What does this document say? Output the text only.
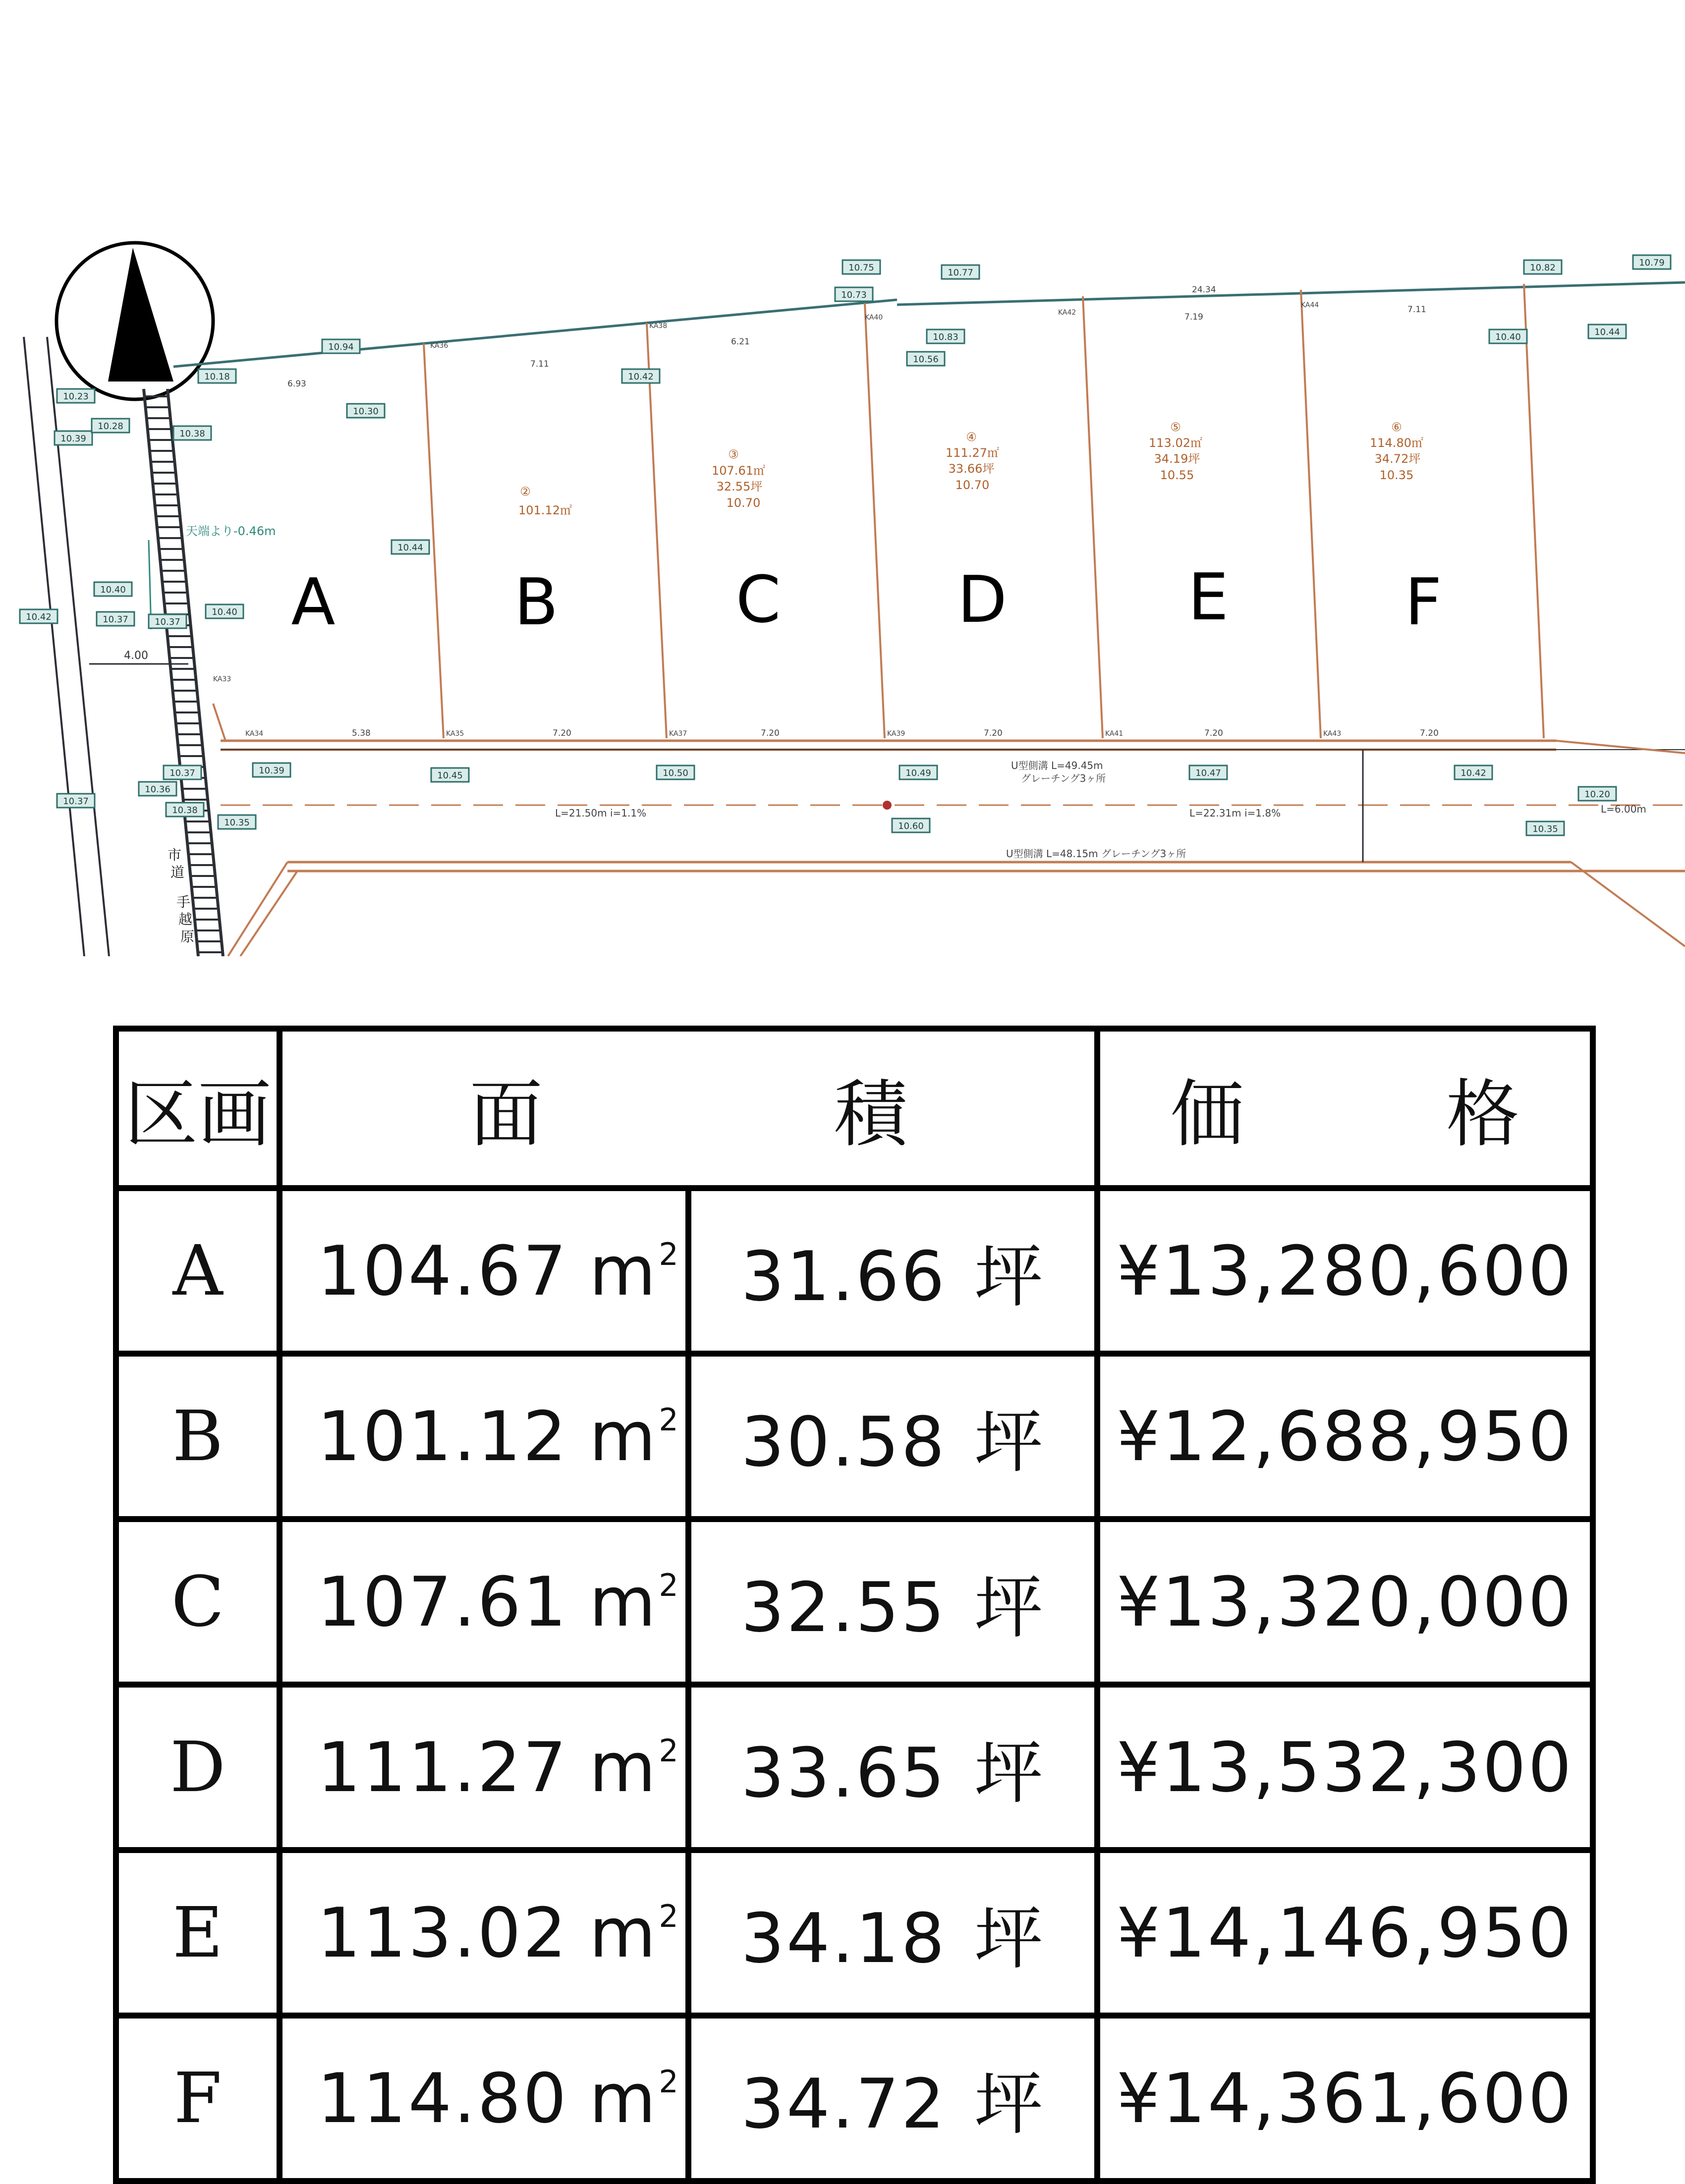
市
道
手
越
原
4.00
U型側溝 L=49.45m
グレーチング3ヶ所
L=21.50m i=1.1%	L=22.31m i=1.8%
U型側溝 L=48.15m グレーチング3ヶ所
L=6.00m
天端より-0.46m
A	B	C	D	E	F
②
101.12㎡
③
107.61㎡
32.55坪
10.70
④
111.27㎡
33.66坪
10.70
⑤
113.02㎡
34.19坪
10.55
⑥
114.80㎡
34.72坪
10.35
5.38	7.20	7.20	7.20	7.20	7.20
6.93
7.11
6.21
7.19
7.11
24.34
KA33
KA34	KA35	KA37	KA39	KA41	KA43
KA36
KA38
KA40
KA42
KA44
10.94
10.30
10.42
10.75
10.73
10.77
10.83
10.56
10.38
10.40
10.82
10.44
10.79
10.23
10.40
10.39
10.44
10.40
10.37
10.39
10.35
10.45	10.50	10.49	10.47	10.42
10.37
10.36
10.38
10.37
10.60
10.20
10.35
10.42	10.37
10.28
10.18
区画	面　積		価　格
A	104.67 $m^2$	31.66 坪	¥13,280,600
B	101.12 $m^2$	30.58 坪	¥12,688,950
C	107.61 $m^2$	32.55 坪	¥13,320,000
D	111.27 $m^2$	33.65 坪	¥13,532,300
E	113.02 $m^2$	34.18 坪	¥14,146,950
F	114.80 $m^2$	34.72 坪	¥14,361,600
